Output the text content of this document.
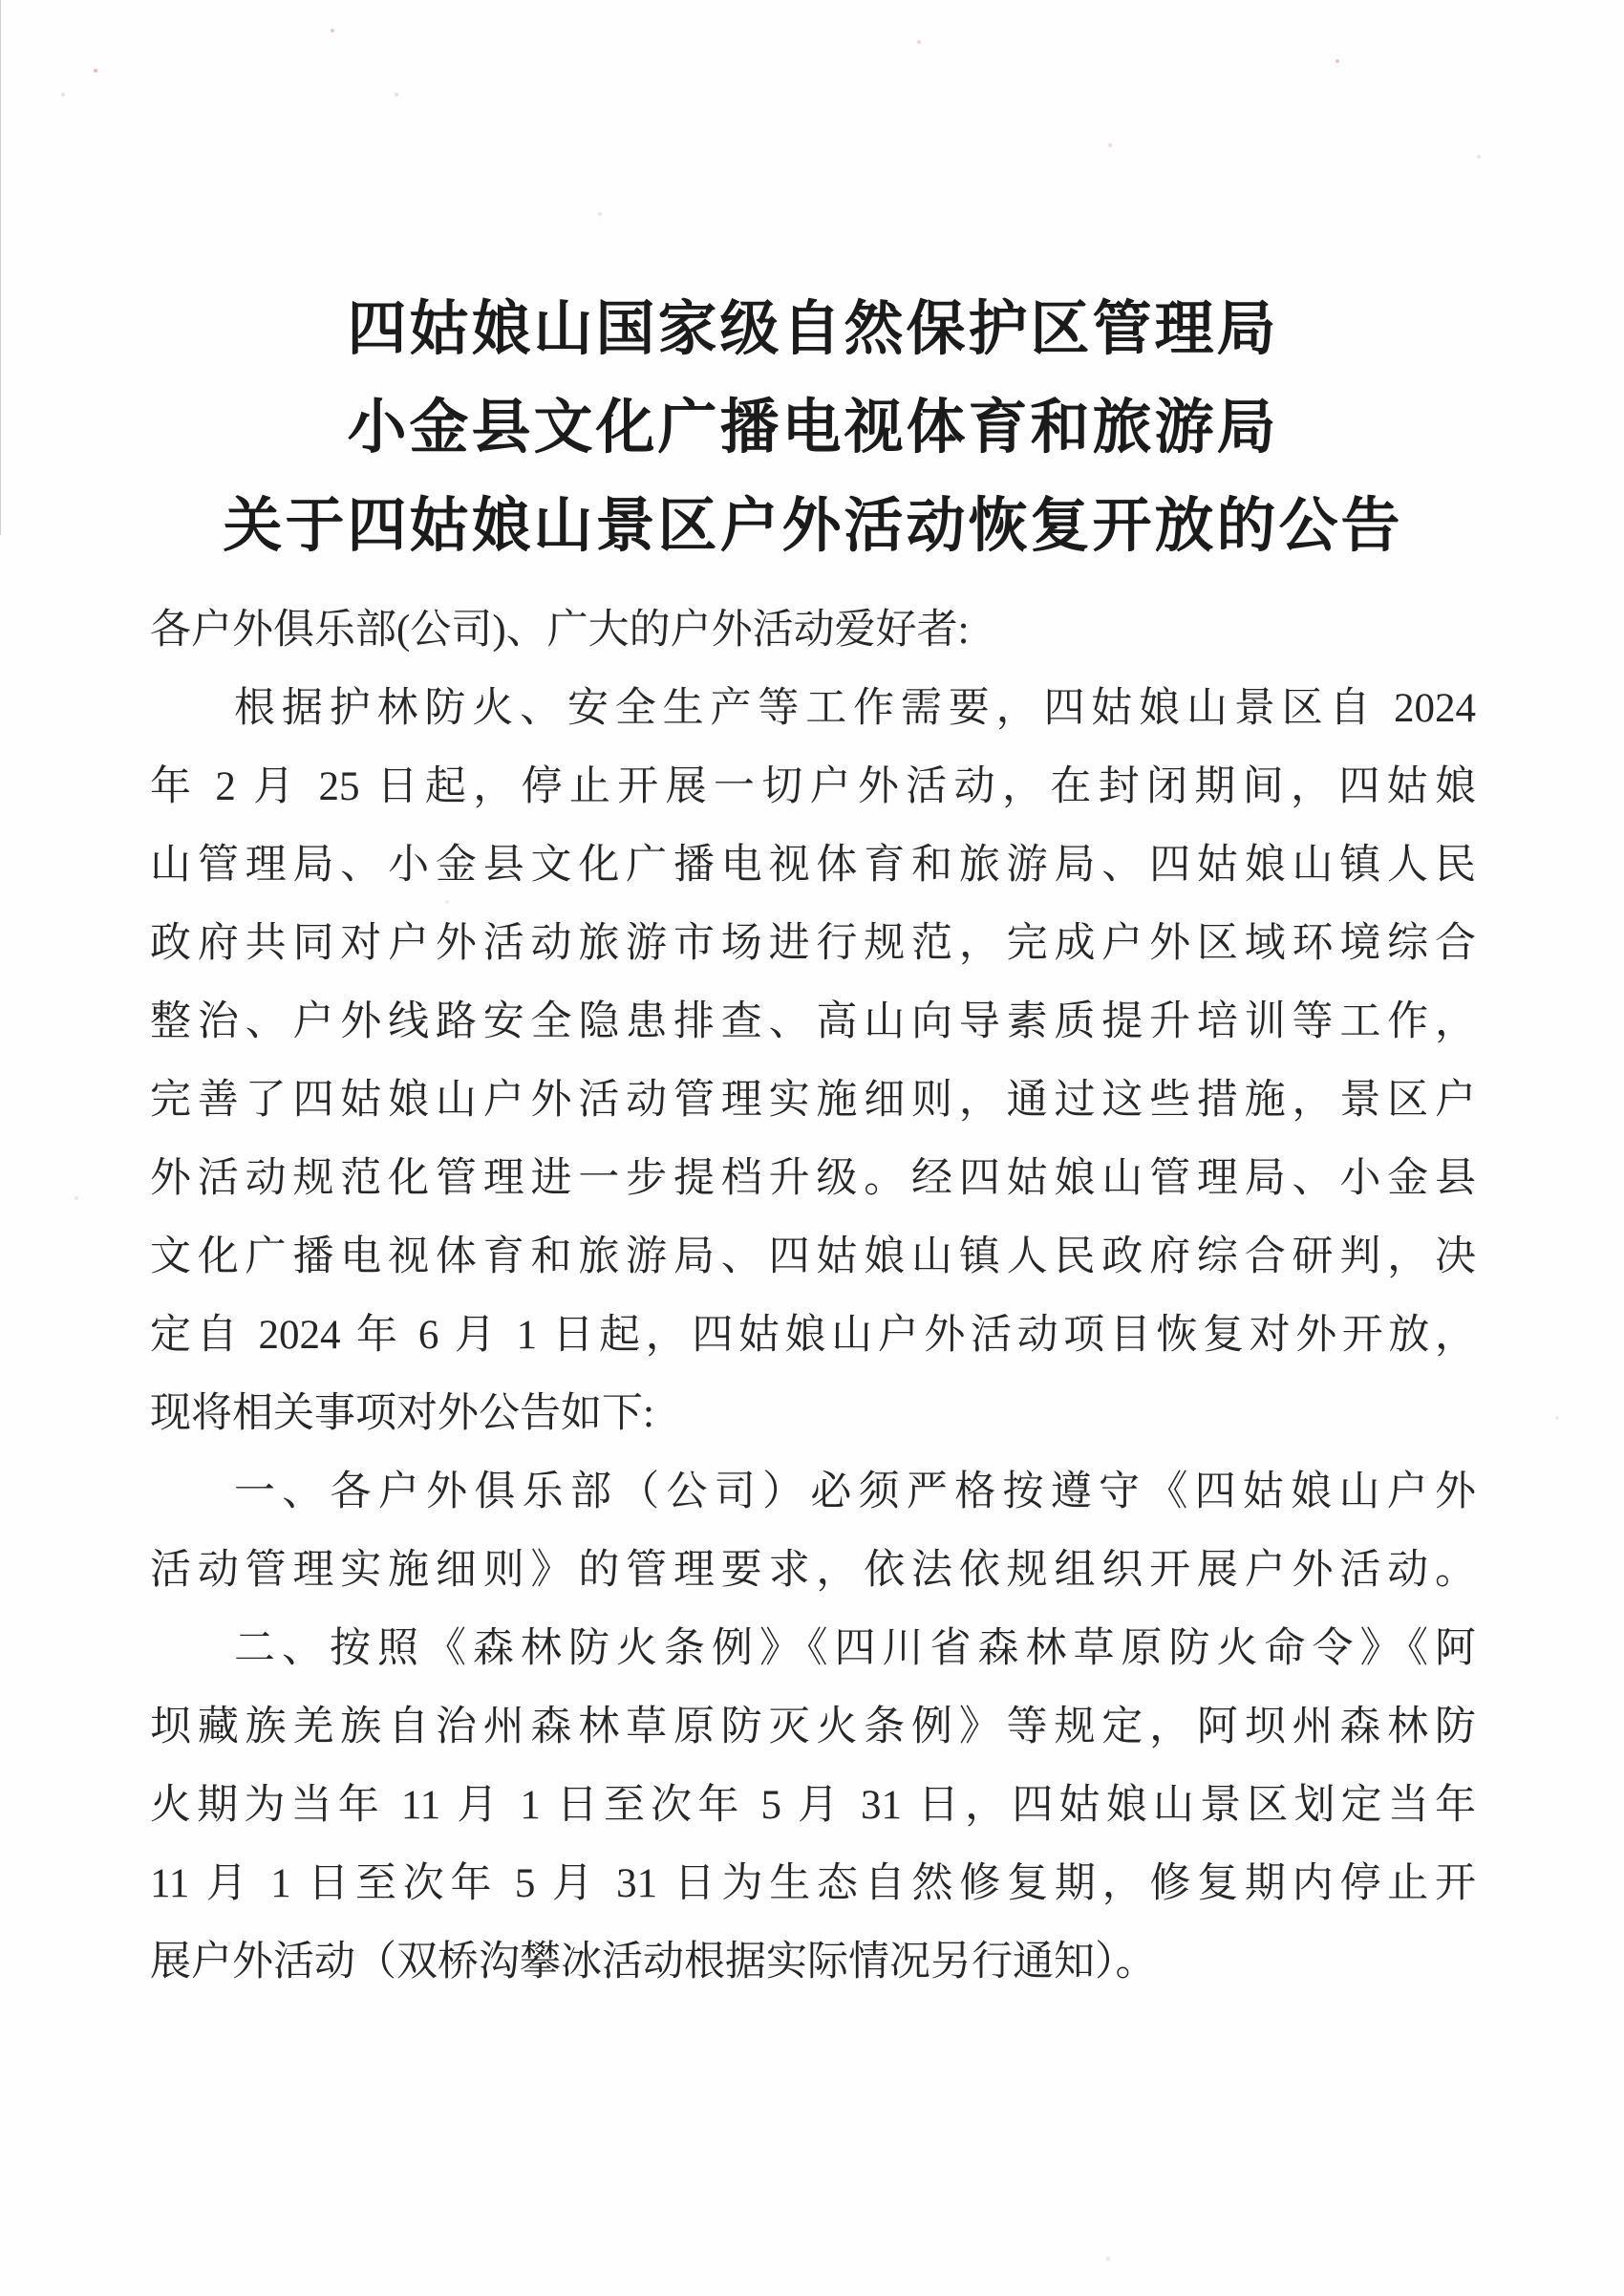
四姑娘山国家级自然保护区管理局
小金县文化广播电视体育和旅游局
关于四姑娘山景区户外活动恢复开放的公告
各户外俱乐部(公司)、广大的户外活动爱好者:
根据护林防火、安全生产等工作需要，四姑娘山景区自 2024
年 2 月 25 日起，停止开展一切户外活动，在封闭期间，四姑娘
山管理局、小金县文化广播电视体育和旅游局、四姑娘山镇人民
政府共同对户外活动旅游市场进行规范，完成户外区域环境综合
整治、户外线路安全隐患排查、高山向导素质提升培训等工作，
完善了四姑娘山户外活动管理实施细则，通过这些措施，景区户
外活动规范化管理进一步提档升级。经四姑娘山管理局、小金县
文化广播电视体育和旅游局、四姑娘山镇人民政府综合研判，决
定自 2024 年 6 月 1 日起，四姑娘山户外活动项目恢复对外开放，
现将相关事项对外公告如下:
一、各户外俱乐部（公司）必须严格按遵守《四姑娘山户外
活动管理实施细则》的管理要求，依法依规组织开展户外活动。
二、按照《森林防火条例》《四川省森林草原防火命令》《阿
坝藏族羌族自治州森林草原防灭火条例》等规定，阿坝州森林防
火期为当年 11 月 1 日至次年 5 月 31 日，四姑娘山景区划定当年
11 月 1 日至次年 5 月 31 日为生态自然修复期，修复期内停止开
展户外活动（双桥沟攀冰活动根据实际情况另行通知）。
